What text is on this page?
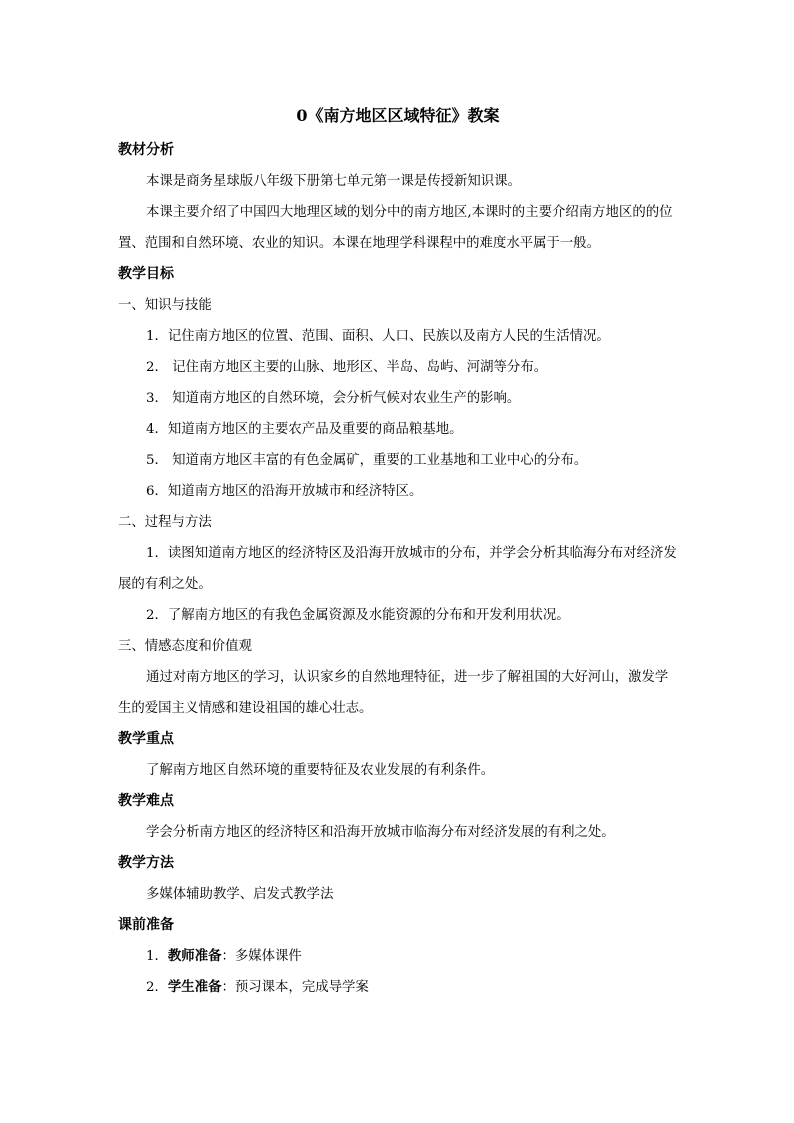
0《南方地区区域特征》教案
教材分析
本课是商务星球版八年级下册第七单元第一课是传授新知识课。
本课主要介绍了中国四大地理区域的划分中的南方地区,本课时的主要介绍南方地区的的位置、范围和自然环境、农业的知识。本课在地理学科课程中的难度水平属于一般。
教学目标
一、知识与技能
1．记住南方地区的位置、范围、面积、人口、民族以及南方人民的生活情况。
2． 记住南方地区主要的山脉、地形区、半岛、岛屿、河湖等分布。
3． 知道南方地区的自然环境，会分析气候对农业生产的影响。
4．知道南方地区的主要农产品及重要的商品粮基地。
5． 知道南方地区丰富的有色金属矿，重要的工业基地和工业中心的分布。
6．知道南方地区的沿海开放城市和经济特区。
二、过程与方法
1．读图知道南方地区的经济特区及沿海开放城市的分布，并学会分析其临海分布对经济发展的有利之处。
2．了解南方地区的有我色金属资源及水能资源的分布和开发利用状况。
三、情感态度和价值观
通过对南方地区的学习，认识家乡的自然地理特征，进一步了解祖国的大好河山，激发学生的爱国主义情感和建设祖国的雄心壮志。
教学重点
了解南方地区自然环境的重要特征及农业发展的有利条件。
教学难点
学会分析南方地区的经济特区和沿海开放城市临海分布对经济发展的有利之处。
教学方法
多媒体辅助教学、启发式教学法
课前准备
1．教师准备：多媒体课件
2．学生准备：预习课本，完成导学案
